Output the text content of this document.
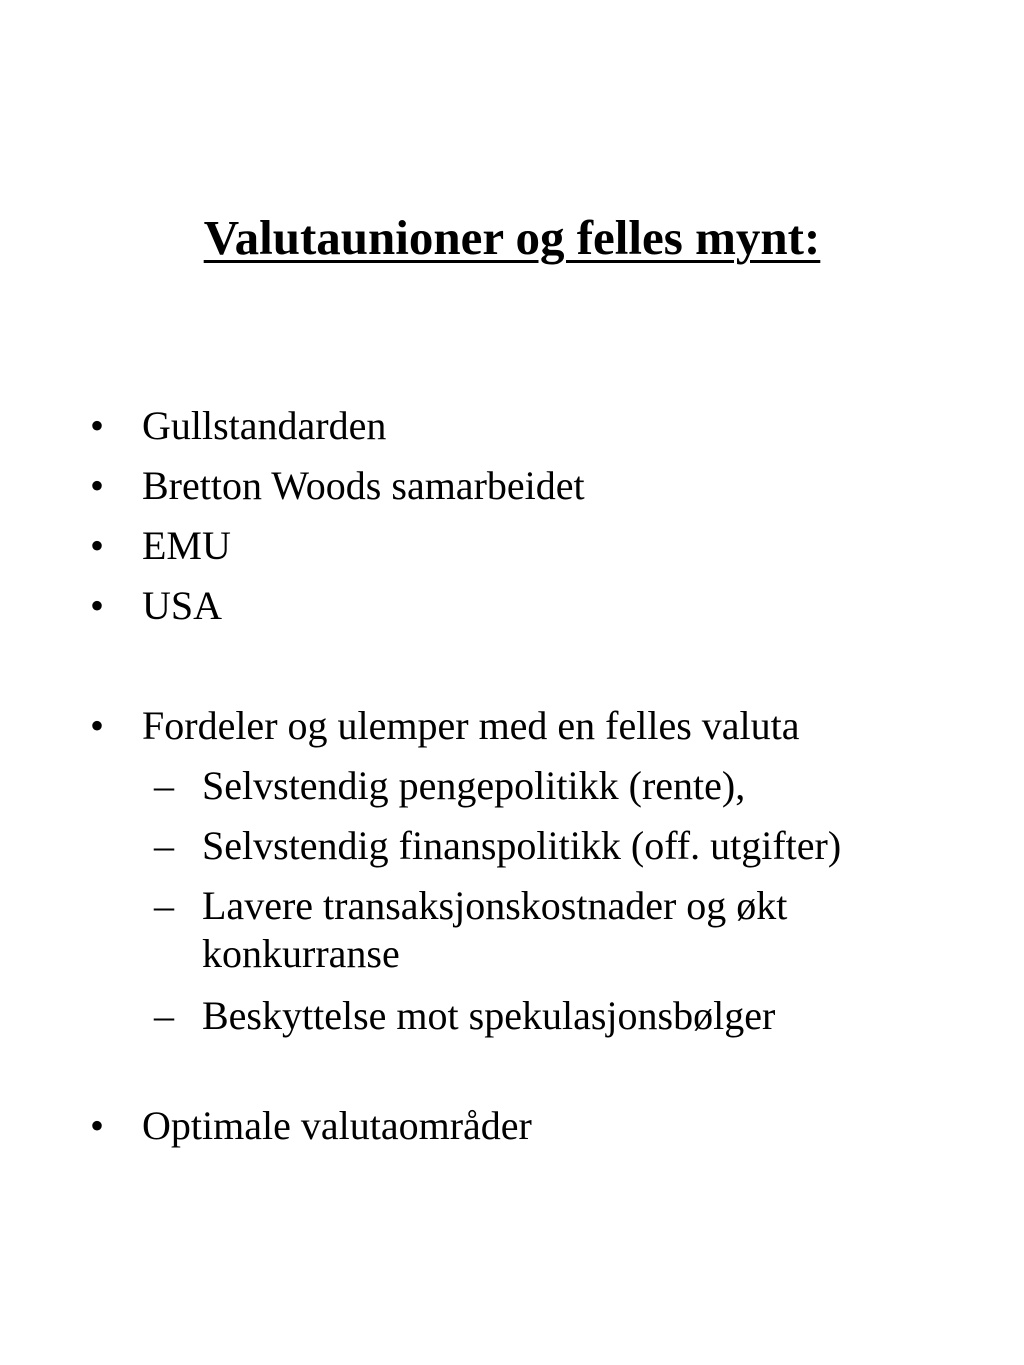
Valutaunioner og felles mynt:
• Gullstandarden
• Bretton Woods samarbeidet
• EMU
• USA
• Fordeler og ulemper med en felles valuta
– Selvstendig pengepolitikk (rente),
– Selvstendig finanspolitikk (off. utgifter)
– Lavere transaksjonskostnader og økt konkurranse
– Beskyttelse mot spekulasjonsbølger
• Optimale valutaområder
